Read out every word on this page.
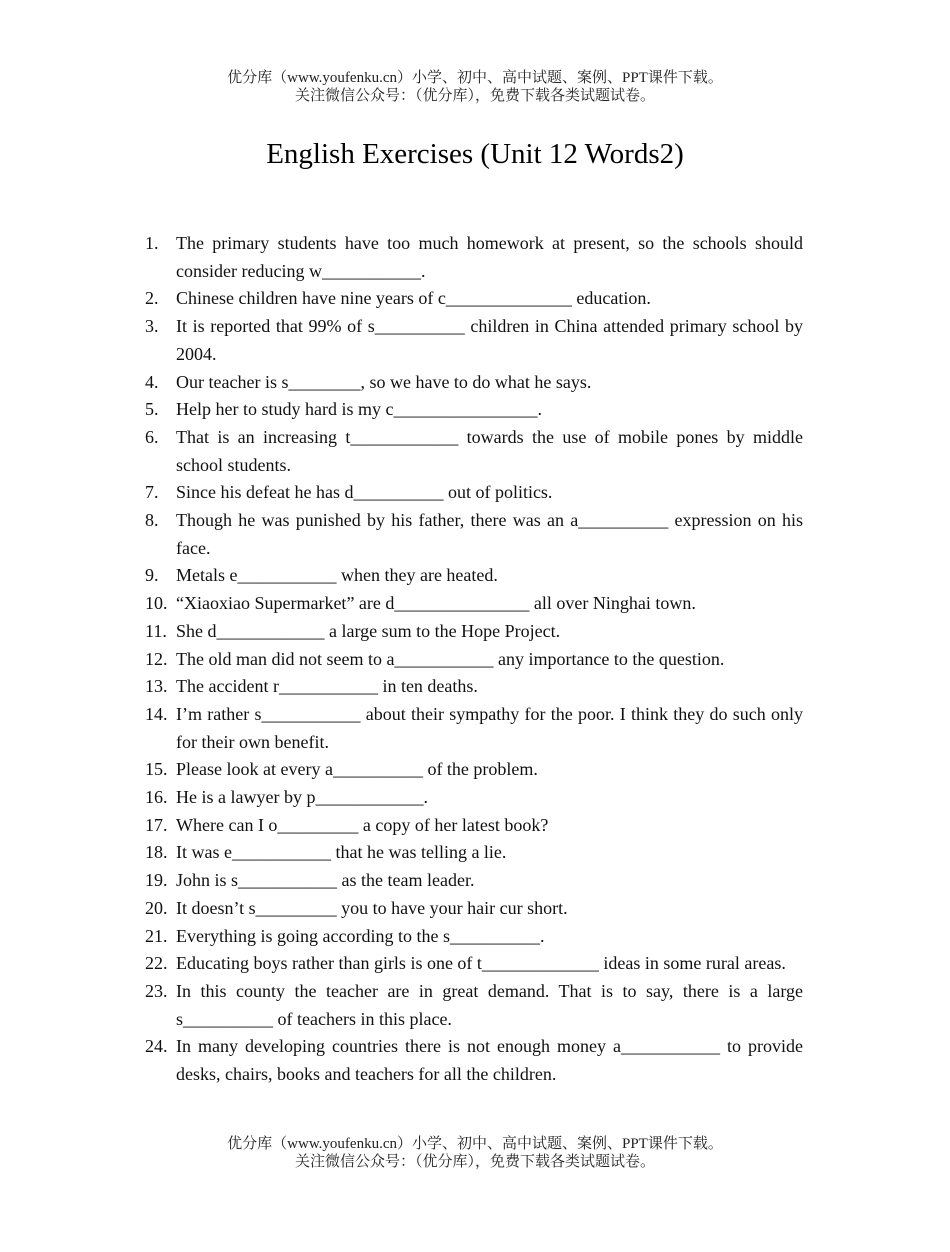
优分库（www.youfenku.cn）小学、初中、高中试题、案例、PPT课件下载。
关注微信公众号：（优分库），免费下载各类试题试卷。
English Exercises (Unit 12 Words2)
1. The primary students have too much homework at present, so the schools should consider reducing w___________.
2. Chinese children have nine years of c______________ education.
3. It is reported that 99% of s__________ children in China attended primary school by 2004.
4. Our teacher is s________, so we have to do what he says.
5. Help her to study hard is my c________________.
6. That is an increasing t____________ towards the use of mobile pones by middle school students.
7. Since his defeat he has d__________ out of politics.
8. Though he was punished by his father, there was an a__________ expression on his face.
9. Metals e___________ when they are heated.
10. “Xiaoxiao Supermarket” are d_______________ all over Ninghai town.
11. She d____________ a large sum to the Hope Project.
12. The old man did not seem to a___________ any importance to the question.
13. The accident r___________ in ten deaths.
14. I’m rather s___________ about their sympathy for the poor. I think they do such only for their own benefit.
15. Please look at every a__________ of the problem.
16. He is a lawyer by p____________.
17. Where can I o_________ a copy of her latest book?
18. It was e___________ that he was telling a lie.
19. John is s___________ as the team leader.
20. It doesn’t s_________ you to have your hair cur short.
21. Everything is going according to the s__________.
22. Educating boys rather than girls is one of t_____________ ideas in some rural areas.
23. In this county the teacher are in great demand. That is to say, there is a large s__________ of teachers in this place.
24. In many developing countries there is not enough money a___________ to provide desks, chairs, books and teachers for all the children.
优分库（www.youfenku.cn）小学、初中、高中试题、案例、PPT课件下载。
关注微信公众号：（优分库），免费下载各类试题试卷。
